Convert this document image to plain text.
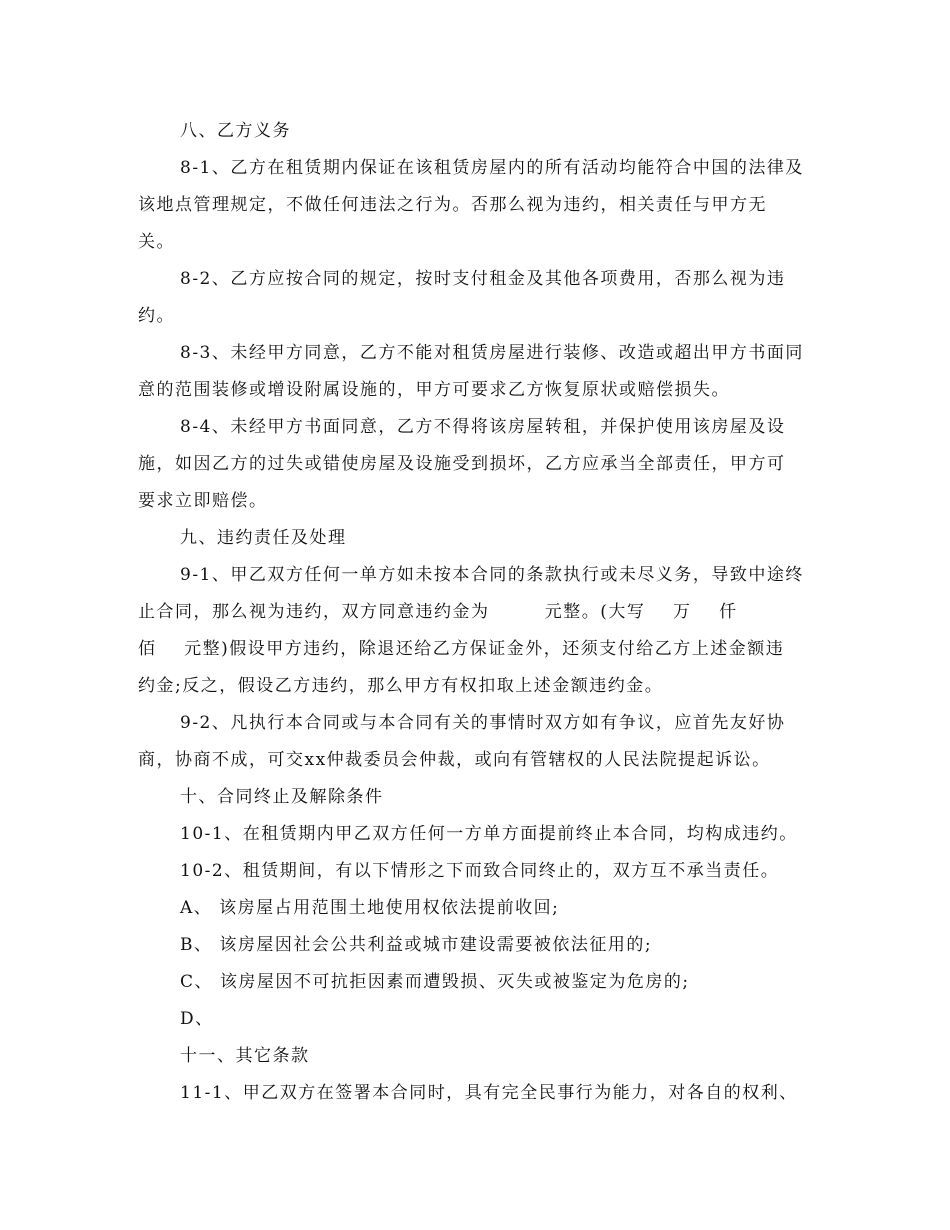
八、乙方义务
8-1、乙方在租赁期内保证在该租赁房屋内的所有活动均能符合中国的法律及
该地点管理规定，不做任何违法之行为。否那么视为违约，相关责任与甲方无
关。
8-2、乙方应按合同的规定，按时支付租金及其他各项费用，否那么视为违
约。
8-3、未经甲方同意，乙方不能对租赁房屋进行装修、改造或超出甲方书面同
意的范围装修或增设附属设施的，甲方可要求乙方恢复原状或赔偿损失。
8-4、未经甲方书面同意，乙方不得将该房屋转租，并保护使用该房屋及设
施，如因乙方的过失或错使房屋及设施受到损坏，乙方应承当全部责任，甲方可
要求立即赔偿。
九、违约责任及处理
9-1、甲乙双方任何一单方如未按本合同的条款执行或未尽义务，导致中途终
止合同，那么视为违约，双方同意违约金为        元整。(大写    万    仟
佰    元整)假设甲方违约，除退还给乙方保证金外，还须支付给乙方上述金额违
约金;反之，假设乙方违约，那么甲方有权扣取上述金额违约金。
9-2、凡执行本合同或与本合同有关的事情时双方如有争议，应首先友好协
商，协商不成，可交xx仲裁委员会仲裁，或向有管辖权的人民法院提起诉讼。
十、合同终止及解除条件
10-1、在租赁期内甲乙双方任何一方单方面提前终止本合同，均构成违约。
10-2、租赁期间，有以下情形之下而致合同终止的，双方互不承当责任。
A、 该房屋占用范围土地使用权依法提前收回;
B、 该房屋因社会公共利益或城市建设需要被依法征用的;
C、 该房屋因不可抗拒因素而遭毁损、灭失或被鉴定为危房的;
D、
十一、其它条款
11-1、甲乙双方在签署本合同时，具有完全民事行为能力，对各自的权利、
